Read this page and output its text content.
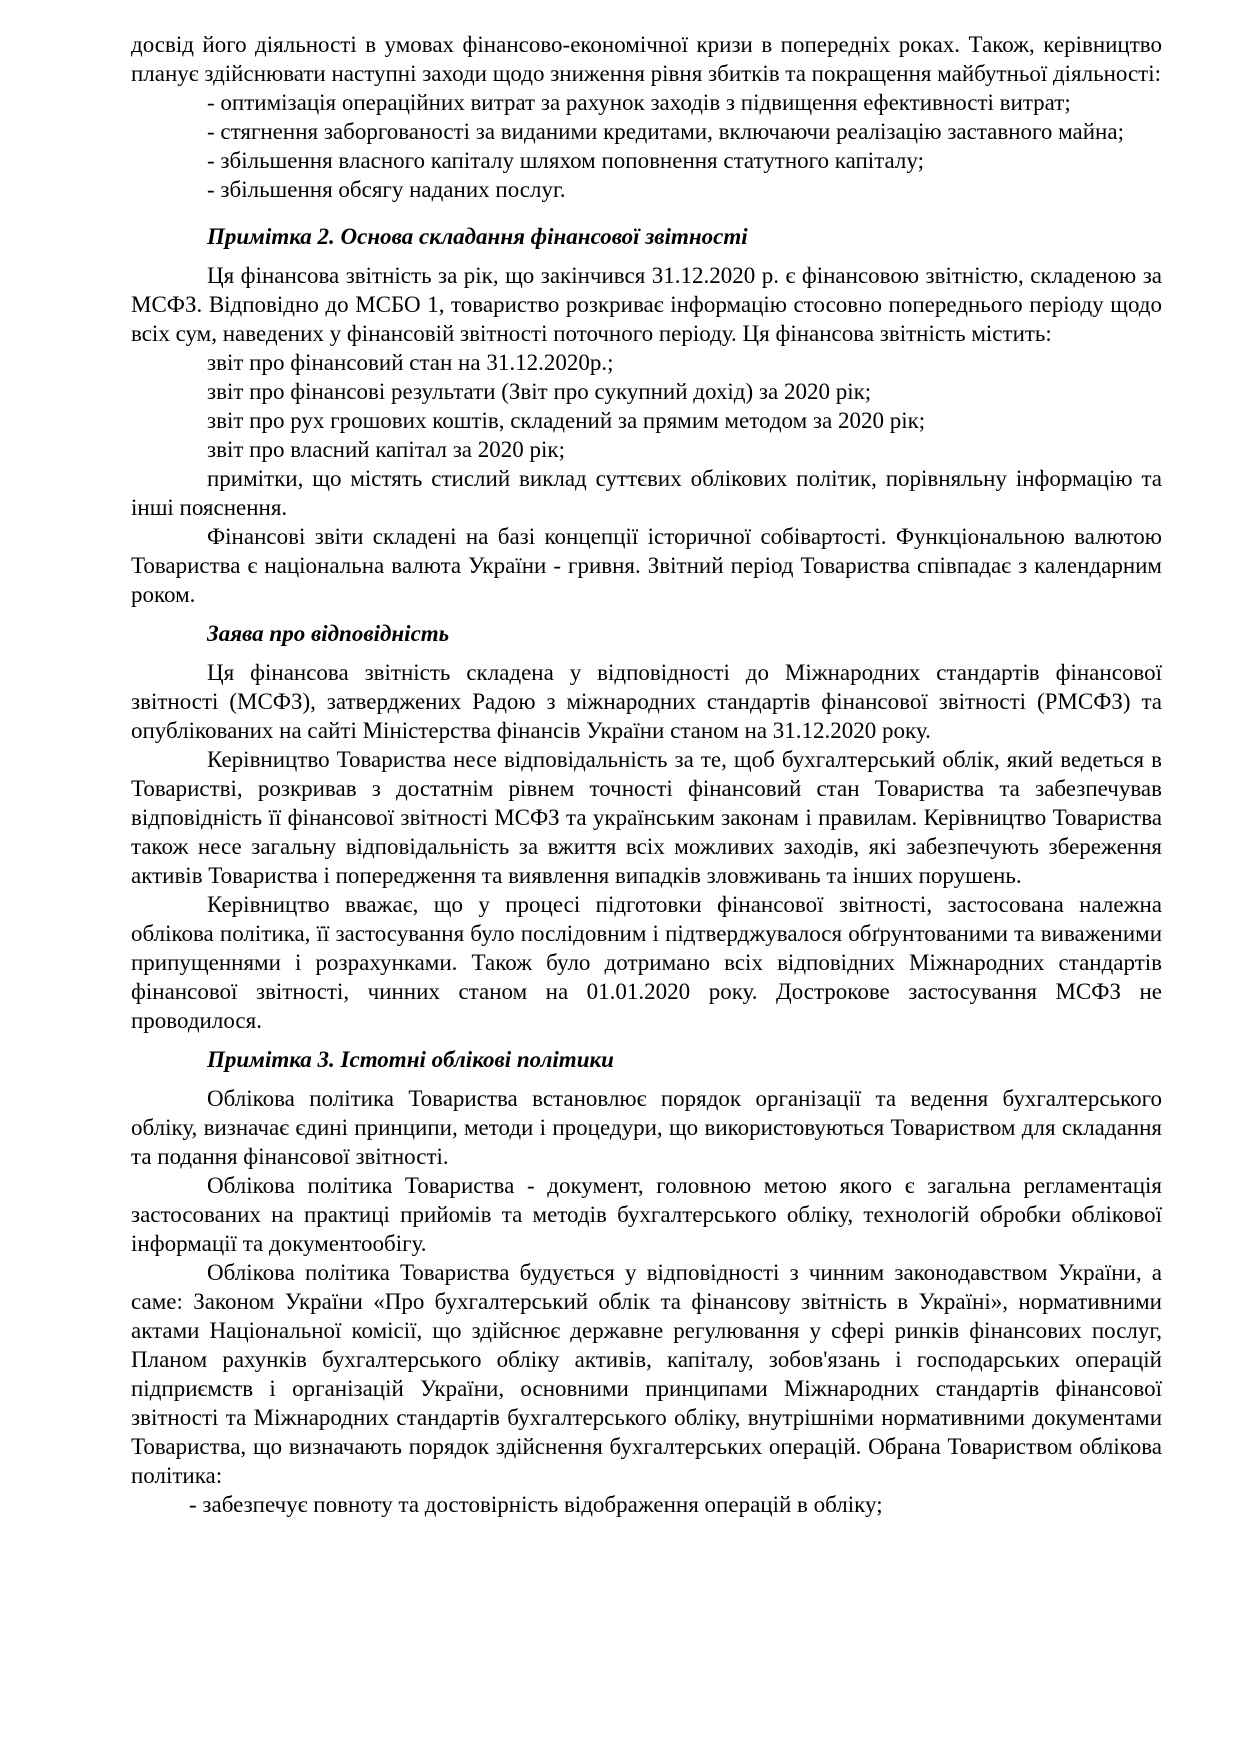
досвід його діяльності в умовах фінансово-економічної кризи в попередніх роках. Також, керівництво планує здійснювати наступні заходи щодо зниження рівня збитків та покращення майбутньої діяльності:

- оптимізація операційних витрат за рахунок заходів з підвищення ефективності витрат;

- стягнення заборгованості за виданими кредитами, включаючи реалізацію заставного майна;

- збільшення власного капіталу шляхом поповнення статутного капіталу;

- збільшення обсягу наданих послуг.

Примітка 2. Основа складання фінансової звітності

Ця фінансова звітність за рік, що закінчився 31.12.2020 р. є фінансовою звітністю, складеною за МСФЗ. Відповідно до МСБО 1, товариство розкриває інформацію стосовно попереднього періоду щодо всіх сум, наведених у фінансовій звітності поточного періоду. Ця фінансова звітність містить:

звіт про фінансовий стан на 31.12.2020р.;

звіт про фінансові результати (Звіт про сукупний дохід) за 2020 рік;

звіт про рух грошових коштів, складений за прямим методом за 2020 рік;

звіт про власний капітал за 2020 рік;

примітки, що містять стислий виклад суттєвих облікових політик, порівняльну інформацію та інші пояснення.

Фінансові звіти складені на базі концепції історичної собівартості. Функціональною валютою Товариства є національна валюта України - гривня. Звітний період Товариства співпадає з календарним роком.

Заява про відповідність

Ця фінансова звітність складена у відповідності до Міжнародних стандартів фінансової звітності (МСФЗ), затверджених Радою з міжнародних стандартів фінансової звітності (РМСФЗ) та опублікованих на сайті Міністерства фінансів України станом на 31.12.2020 року.

Керівництво Товариства несе відповідальність за те, щоб бухгалтерський облік, який ведеться в Товаристві, розкривав з достатнім рівнем точності фінансовий стан Товариства та забезпечував відповідність її фінансової звітності МСФЗ та українським законам і правилам. Керівництво Товариства також несе загальну відповідальність за вжиття всіх можливих заходів, які забезпечують збереження активів Товариства і попередження та виявлення випадків зловживань та інших порушень.

Керівництво вважає, що у процесі підготовки фінансової звітності, застосована належна облікова політика, її застосування було послідовним і підтверджувалося обґрунтованими та виваженими припущеннями і розрахунками. Також було дотримано всіх відповідних Міжнародних стандартів фінансової звітності, чинних станом на 01.01.2020 року. Дострокове застосування МСФЗ не проводилося.

Примітка 3. Істотні облікові політики

Облікова політика Товариства встановлює порядок організації та ведення бухгалтерського обліку, визначає єдині принципи, методи і процедури, що використовуються Товариством для складання та подання фінансової звітності.

Облікова політика Товариства - документ, головною метою якого є загальна регламентація застосованих на практиці прийомів та методів бухгалтерського обліку, технологій обробки облікової інформації та документообігу.

Облікова політика Товариства будується у відповідності з чинним законодавством України, а саме: Законом України «Про бухгалтерський облік та фінансову звітність в Україні», нормативними актами Національної комісії, що здійснює державне регулювання у сфері ринків фінансових послуг, Планом рахунків бухгалтерського обліку активів, капіталу, зобов'язань і господарських операцій підприємств і організацій України, основними принципами Міжнародних стандартів фінансової звітності та Міжнародних стандартів бухгалтерського обліку, внутрішніми нормативними документами Товариства, що визначають порядок здійснення бухгалтерських операцій. Обрана Товариством облікова політика:

- забезпечує повноту та достовірність відображення операцій в обліку;
